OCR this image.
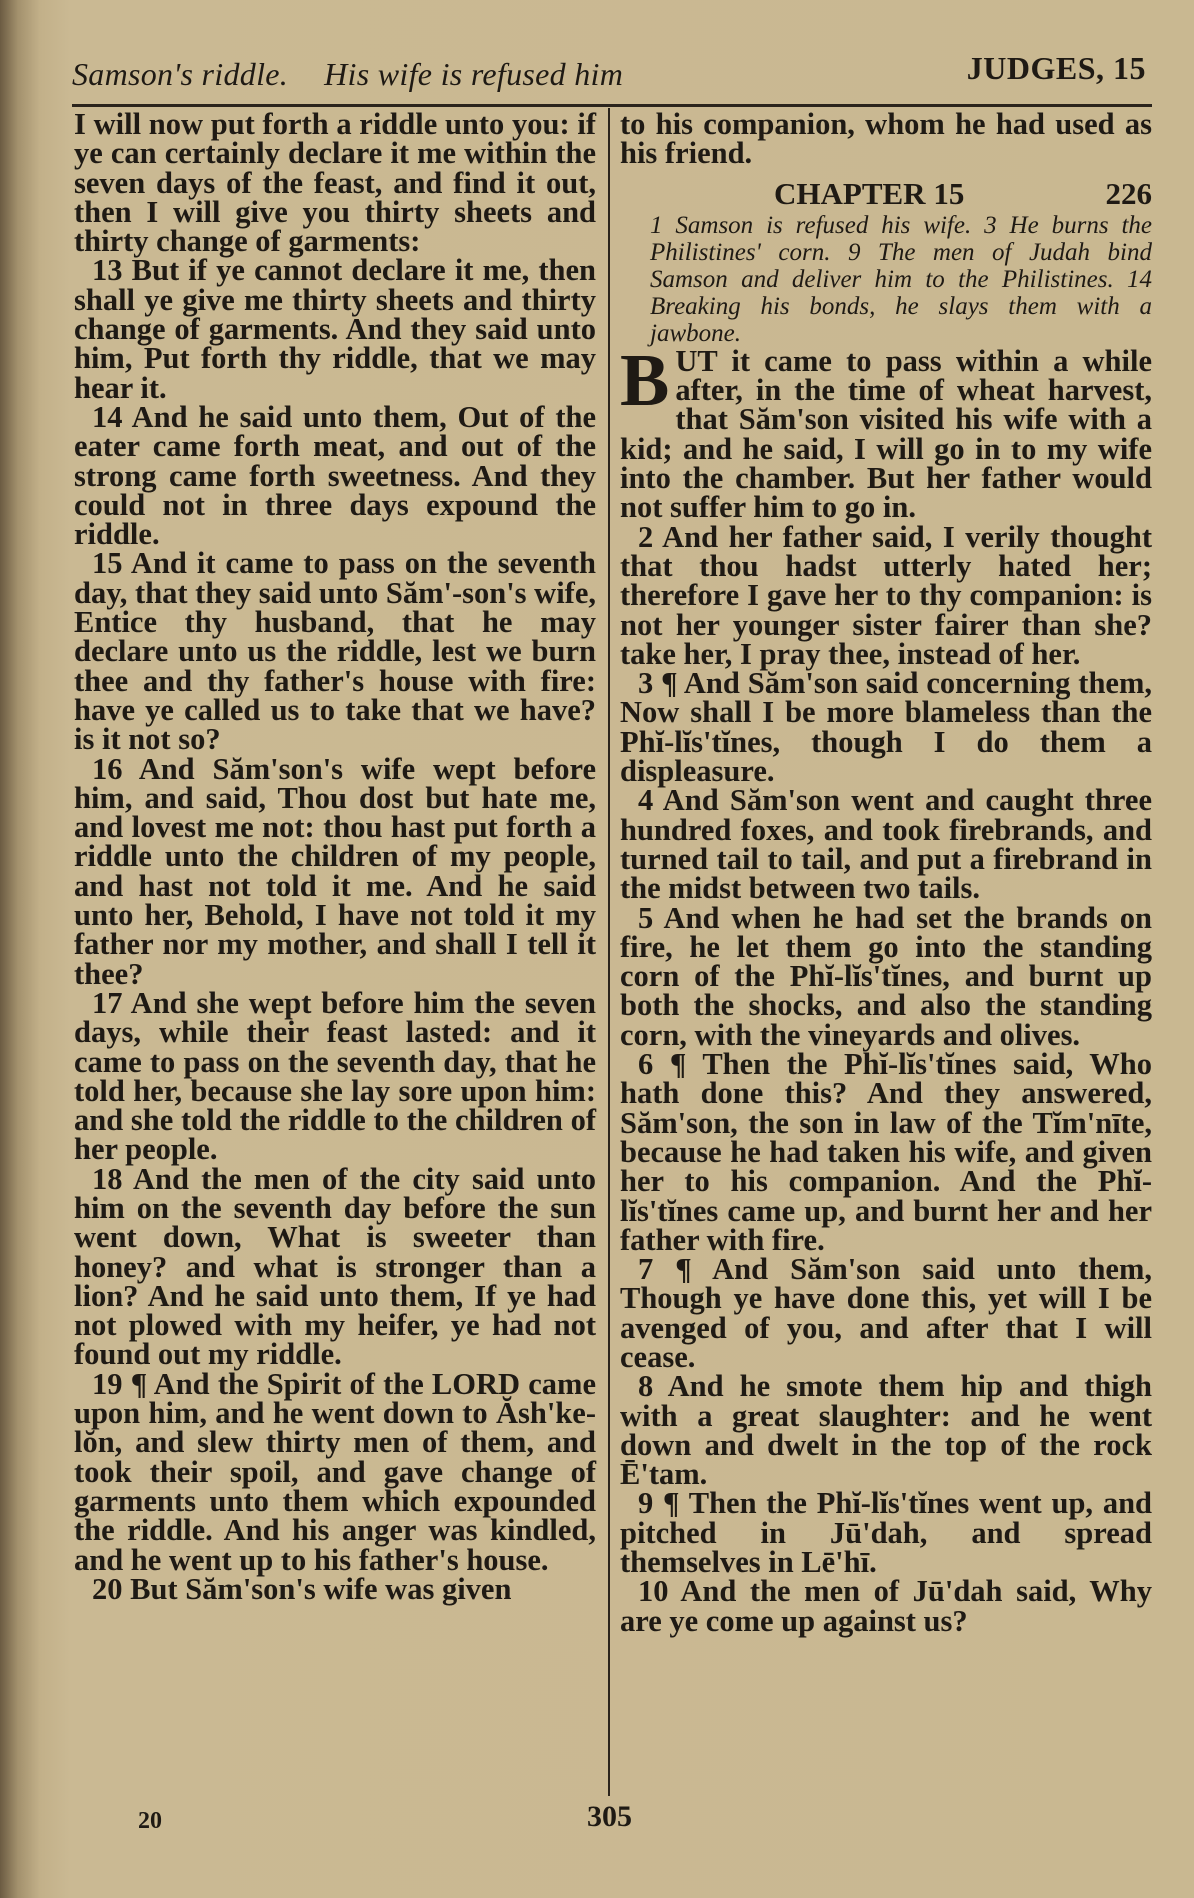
Samson's riddle. His wife is refused him	JUDGES, 15

I will now put forth a riddle unto you: if ye can certainly declare it me within the seven days of the feast, and find it out, then I will give you thirty sheets and thirty change of garments:

13 But if ye cannot declare it me, then shall ye give me thirty sheets and thirty change of garments. And they said unto him, Put forth thy riddle, that we may hear it.

14 And he said unto them, Out of the eater came forth meat, and out of the strong came forth sweetness. And they could not in three days expound the riddle.

15 And it came to pass on the seventh day, that they said unto Săm'-son's wife, Entice thy husband, that he may declare unto us the riddle, lest we burn thee and thy father's house with fire: have ye called us to take that we have? is it not so?

16 And Săm'son's wife wept before him, and said, Thou dost but hate me, and lovest me not: thou hast put forth a riddle unto the children of my people, and hast not told it me. And he said unto her, Behold, I have not told it my father nor my mother, and shall I tell it thee?

17 And she wept before him the seven days, while their feast lasted: and it came to pass on the seventh day, that he told her, because she lay sore upon him: and she told the riddle to the children of her people.

18 And the men of the city said unto him on the seventh day before the sun went down, What is sweeter than honey? and what is stronger than a lion? And he said unto them, If ye had not plowed with my heifer, ye had not found out my riddle.

19 ¶ And the Spirit of the LORD came upon him, and he went down to Ăsh'ke-lŏn, and slew thirty men of them, and took their spoil, and gave change of garments unto them which expounded the riddle. And his anger was kindled, and he went up to his father's house.

20 But Săm'son's wife was given

to his companion, whom he had used as his friend.

CHAPTER 15	226

1 Samson is refused his wife. 3 He burns the Philistines' corn. 9 The men of Judah bind Samson and deliver him to the Philistines. 14 Breaking his bonds, he slays them with a jawbone.

BUT it came to pass within a while after, in the time of wheat harvest, that Săm'son visited his wife with a kid; and he said, I will go in to my wife into the chamber. But her father would not suffer him to go in.

2 And her father said, I verily thought that thou hadst utterly hated her; therefore I gave her to thy companion: is not her younger sister fairer than she? take her, I pray thee, instead of her.

3 ¶ And Săm'son said concerning them, Now shall I be more blameless than the Phĭ-lĭs'tĭnes, though I do them a displeasure.

4 And Săm'son went and caught three hundred foxes, and took firebrands, and turned tail to tail, and put a firebrand in the midst between two tails.

5 And when he had set the brands on fire, he let them go into the standing corn of the Phĭ-lĭs'tĭnes, and burnt up both the shocks, and also the standing corn, with the vineyards and olives.

6 ¶ Then the Phĭ-lĭs'tĭnes said, Who hath done this? And they answered, Săm'son, the son in law of the Tĭm'nīte, because he had taken his wife, and given her to his companion. And the Phĭ-lĭs'tĭnes came up, and burnt her and her father with fire.

7 ¶ And Săm'son said unto them, Though ye have done this, yet will I be avenged of you, and after that I will cease.

8 And he smote them hip and thigh with a great slaughter: and he went down and dwelt in the top of the rock Ē'tam.

9 ¶ Then the Phĭ-lĭs'tĭnes went up, and pitched in Jū'dah, and spread themselves in Lē'hī.

10 And the men of Jū'dah said, Why are ye come up against us?

20	305
